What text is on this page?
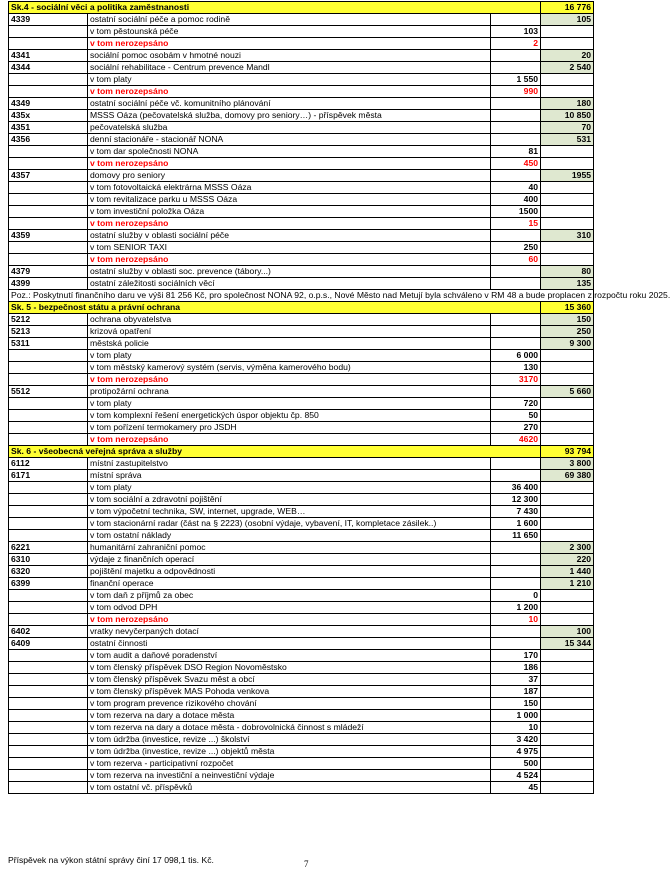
Sk.4 - sociální věci a politika zaměstnanosti			16 776
4339	ostatní sociální péče a pomoc rodině		105
	v tom pěstounská péče	103	
	v tom nerozepsáno	2	
4341	sociální pomoc osobám v hmotné nouzi		20
4344	sociální rehabilitace - Centrum prevence Mandl		2 540
	v tom platy	1 550	
	v tom nerozepsáno	990	
4349	ostatní sociální péče vč. komunitního plánování		180
435x	MSSS Oáza (pečovatelská služba, domovy pro seniory…) - příspěvek města		10 850
4351	pečovatelská služba		70
4356	denní stacionáře - stacionář NONA		531
	v tom dar společnosti NONA	81	
	v tom nerozepsáno	450	
4357	domovy pro seniory		1955
	v tom fotovoltaická elektrárna MSSS Oáza	40	
	v tom revitalizace parku u MSSS Oáza	400	
	v tom investiční položka Oáza	1500	
	v tom nerozepsáno	15	
4359	ostatní služby v oblasti sociální péče		310
	v tom SENIOR TAXI	250	
	v tom nerozepsáno	60	
4379	ostatní služby v oblasti soc. prevence (tábory...)		80
4399	ostatní záležitosti sociálních věcí		135
Poz.: Poskytnutí finančního daru ve výši 81 256 Kč, pro společnost NONA 92, o.p.s., Nové Město nad Metují byla schváleno v RM 48 a bude proplacen z rozpočtu roku 2025.			
Sk. 5 - bezpečnost státu a právní ochrana			15 360
5212	ochrana obyvatelstva		150
5213	krizová opatření		250
5311	městská policie		9 300
	v tom platy	6 000	
	v tom městský kamerový systém (servis, výměna kamerového bodu)	130	
	v tom nerozepsáno	3170	
5512	protipožární ochrana		5 660
	v tom platy	720	
	v tom komplexní řešení energetických úspor objektu čp. 850	50	
	v tom pořízení termokamery pro JSDH	270	
	v tom nerozepsáno	4620	
Sk. 6 - všeobecná veřejná správa a služby			93 794
6112	místní zastupitelstvo		3 800
6171	místní správa		69 380
	v tom platy	36 400	
	v tom sociální a zdravotní pojištění	12 300	
	v tom výpočetní technika, SW, internet, upgrade, WEB…	7 430	
	v tom stacionární radar (část na § 2223) (osobní výdaje, vybavení, IT, kompletace zásilek..)	1 600	
	v tom ostatní náklady	11 650	
6221	humanitární zahraniční pomoc		2 300
6310	výdaje z finančních operací		220
6320	pojištění majetku a odpovědnosti		1 440
6399	finanční operace		1 210
	v tom daň z příjmů za obec	0	
	v tom odvod DPH	1 200	
	v tom nerozepsáno	10	
6402	vratky nevyčerpaných dotací		100
6409	ostatní činnosti		15 344
	v tom audit a daňové poradenství	170	
	v tom členský příspěvek DSO Region Novoměstsko	186	
	v tom členský příspěvek Svazu měst a obcí	37	
	v tom členský příspěvek MAS Pohoda venkova	187	
	v tom program prevence rizikového chování	150	
	v tom rezerva na dary a dotace města	1 000	
	v tom rezerva na dary a dotace města - dobrovolnická činnost s mládeží	10	
	v tom údržba (investice, revize ...) školství	3 420	
	v tom údržba (investice, revize ...) objektů města	4 975	
	v tom rezerva - participativní rozpočet	500	
	v tom rezerva na investiční a neinvestiční výdaje	4 524	
	v tom ostatní vč. příspěvků	45	
Příspěvek na výkon státní správy činí 17 098,1 tis. Kč.	7
